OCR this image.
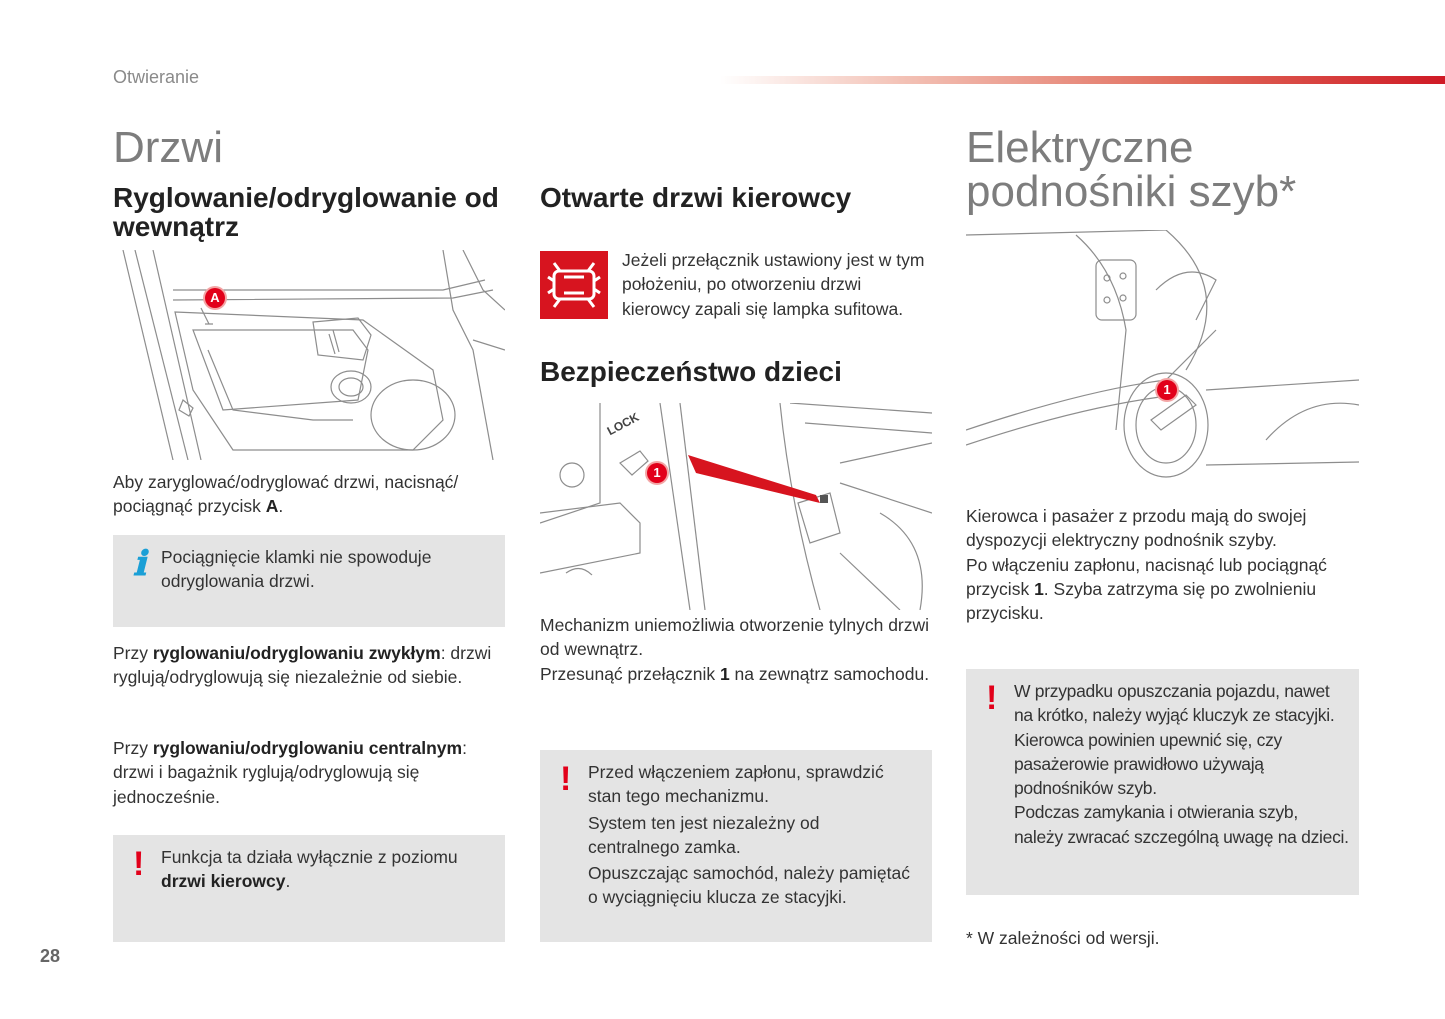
Otwieranie
Drzwi
Ryglowanie/odryglowanie od wewnątrz
A
Aby zaryglować/odryglować drzwi, nacisnąć/ pociągnąć przycisk A.
ℹ Pociągnięcie klamki nie spowoduje odryglowania drzwi.
Przy ryglowaniu/odryglowaniu zwykłym: drzwi ryglują/odryglowują się niezależnie od siebie.
Przy ryglowaniu/odryglowaniu centralnym: drzwi i bagażnik ryglują/odryglowują się jednocześnie.
! Funkcja ta działa wyłącznie z poziomu drzwi kierowcy.
Otwarte drzwi kierowcy
Jeżeli przełącznik ustawiony jest w tym położeniu, po otworzeniu drzwi kierowcy zapali się lampka sufitowa.
Bezpieczeństwo dzieci
LOCK
1
Mechanizm uniemożliwia otworzenie tylnych drzwi od wewnątrz.
Przesunąć przełącznik 1 na zewnątrz samochodu.
! Przed włączeniem zapłonu, sprawdzić stan tego mechanizmu.
System ten jest niezależny od centralnego zamka.
Opuszczając samochód, należy pamiętać o wyciągnięciu klucza ze stacyjki.
Elektryczne
podnośniki szyb*
1
Kierowca i pasażer z przodu mają do swojej dyspozycji elektryczny podnośnik szyby.
Po włączeniu zapłonu, nacisnąć lub pociągnąć przycisk 1. Szyba zatrzyma się po zwolnieniu przycisku.
! W przypadku opuszczania pojazdu, nawet na krótko, należy wyjąć kluczyk ze stacyjki.
Kierowca powinien upewnić się, czy pasażerowie prawidłowo używają podnośników szyb.
Podczas zamykania i otwierania szyb, należy zwracać szczególną uwagę na dzieci.
* W zależności od wersji.
28
